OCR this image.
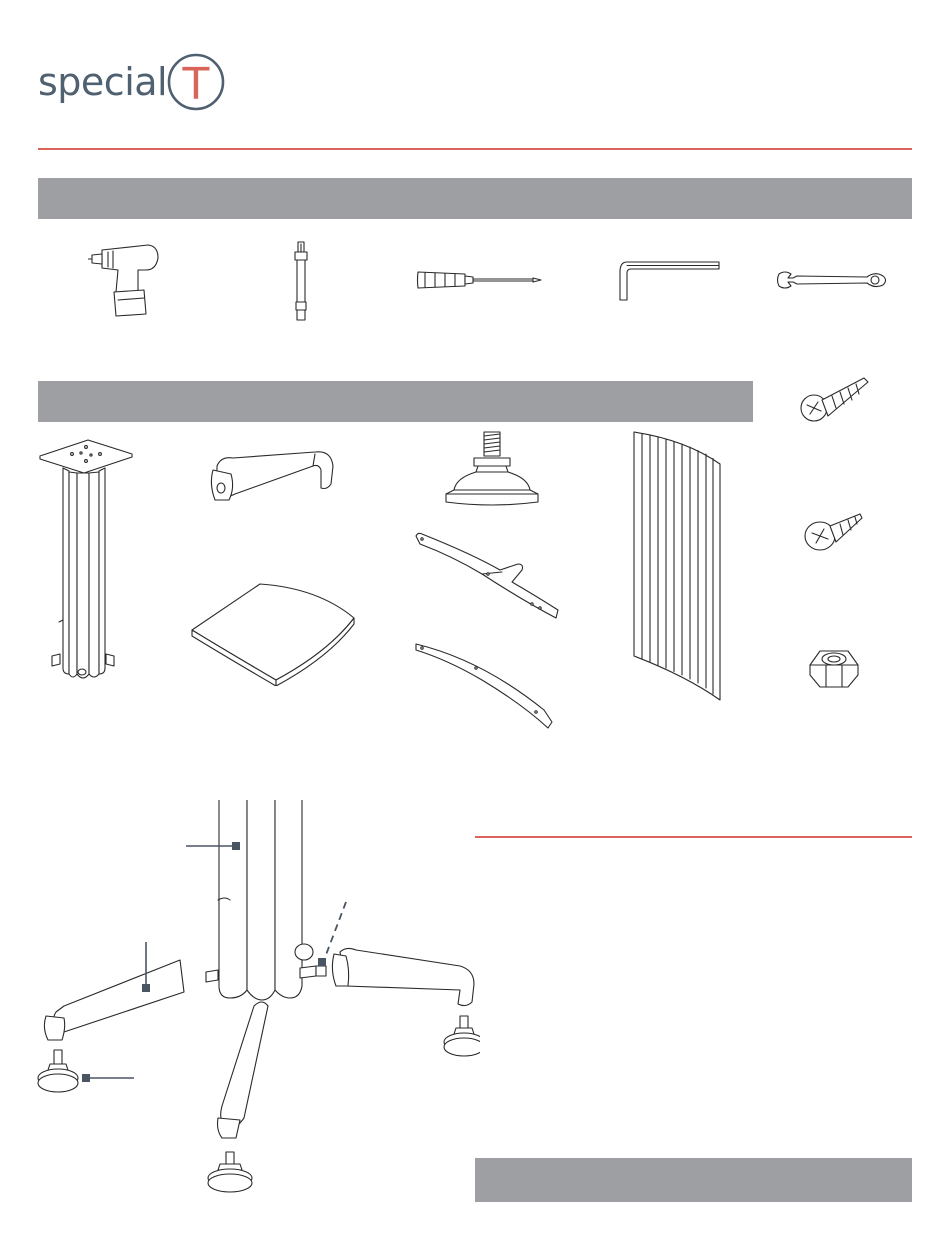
special T
